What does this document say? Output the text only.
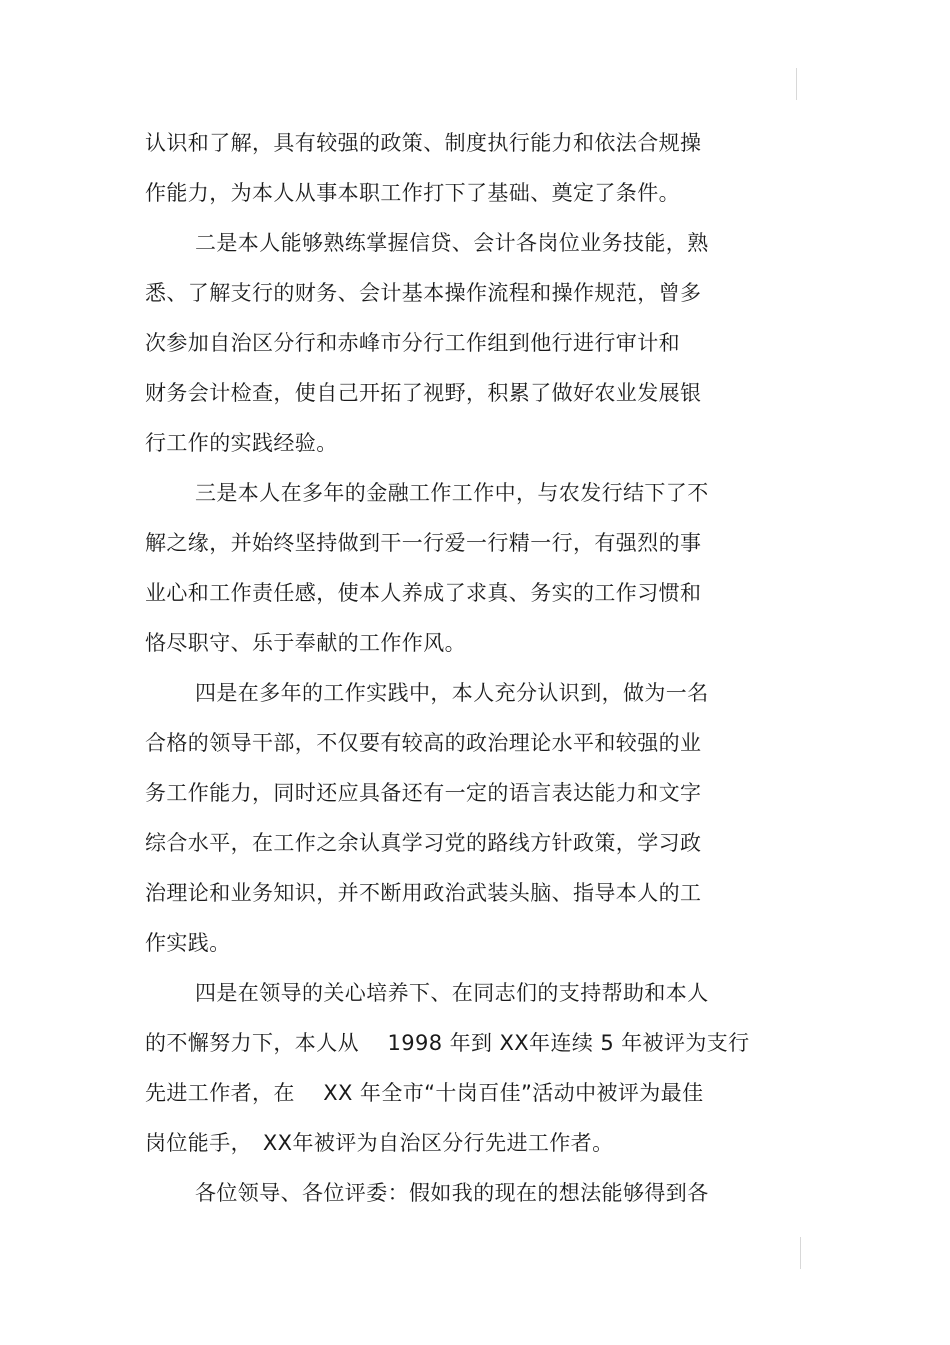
认识和了解，具有较强的政策、制度执行能力和依法合规操
作能力，为本人从事本职工作打下了基础、奠定了条件。
二是本人能够熟练掌握信贷、会计各岗位业务技能，熟
悉、了解支行的财务、会计基本操作流程和操作规范，曾多
次参加自治区分行和赤峰市分行工作组到他行进行审计和
财务会计检查，使自己开拓了视野，积累了做好农业发展银
行工作的实践经验。
三是本人在多年的金融工作工作中，与农发行结下了不
解之缘，并始终坚持做到干一行爱一行精一行，有强烈的事
业心和工作责任感，使本人养成了求真、务实的工作习惯和
恪尽职守、乐于奉献的工作作风。
四是在多年的工作实践中，本人充分认识到，做为一名
合格的领导干部，不仅要有较高的政治理论水平和较强的业
务工作能力，同时还应具备还有一定的语言表达能力和文字
综合水平，在工作之余认真学习党的路线方针政策，学习政
治理论和业务知识，并不断用政治武装头脑、指导本人的工
作实践。
四是在领导的关心培养下、在同志们的支持帮助和本人
的不懈努力下，本人从　 1998 年到 XX年连续 5 年被评为支行
先进工作者，在　 XX 年全市“十岗百佳”活动中被评为最佳
岗位能手，　XX年被评为自治区分行先进工作者。
各位领导、各位评委：假如我的现在的想法能够得到各
